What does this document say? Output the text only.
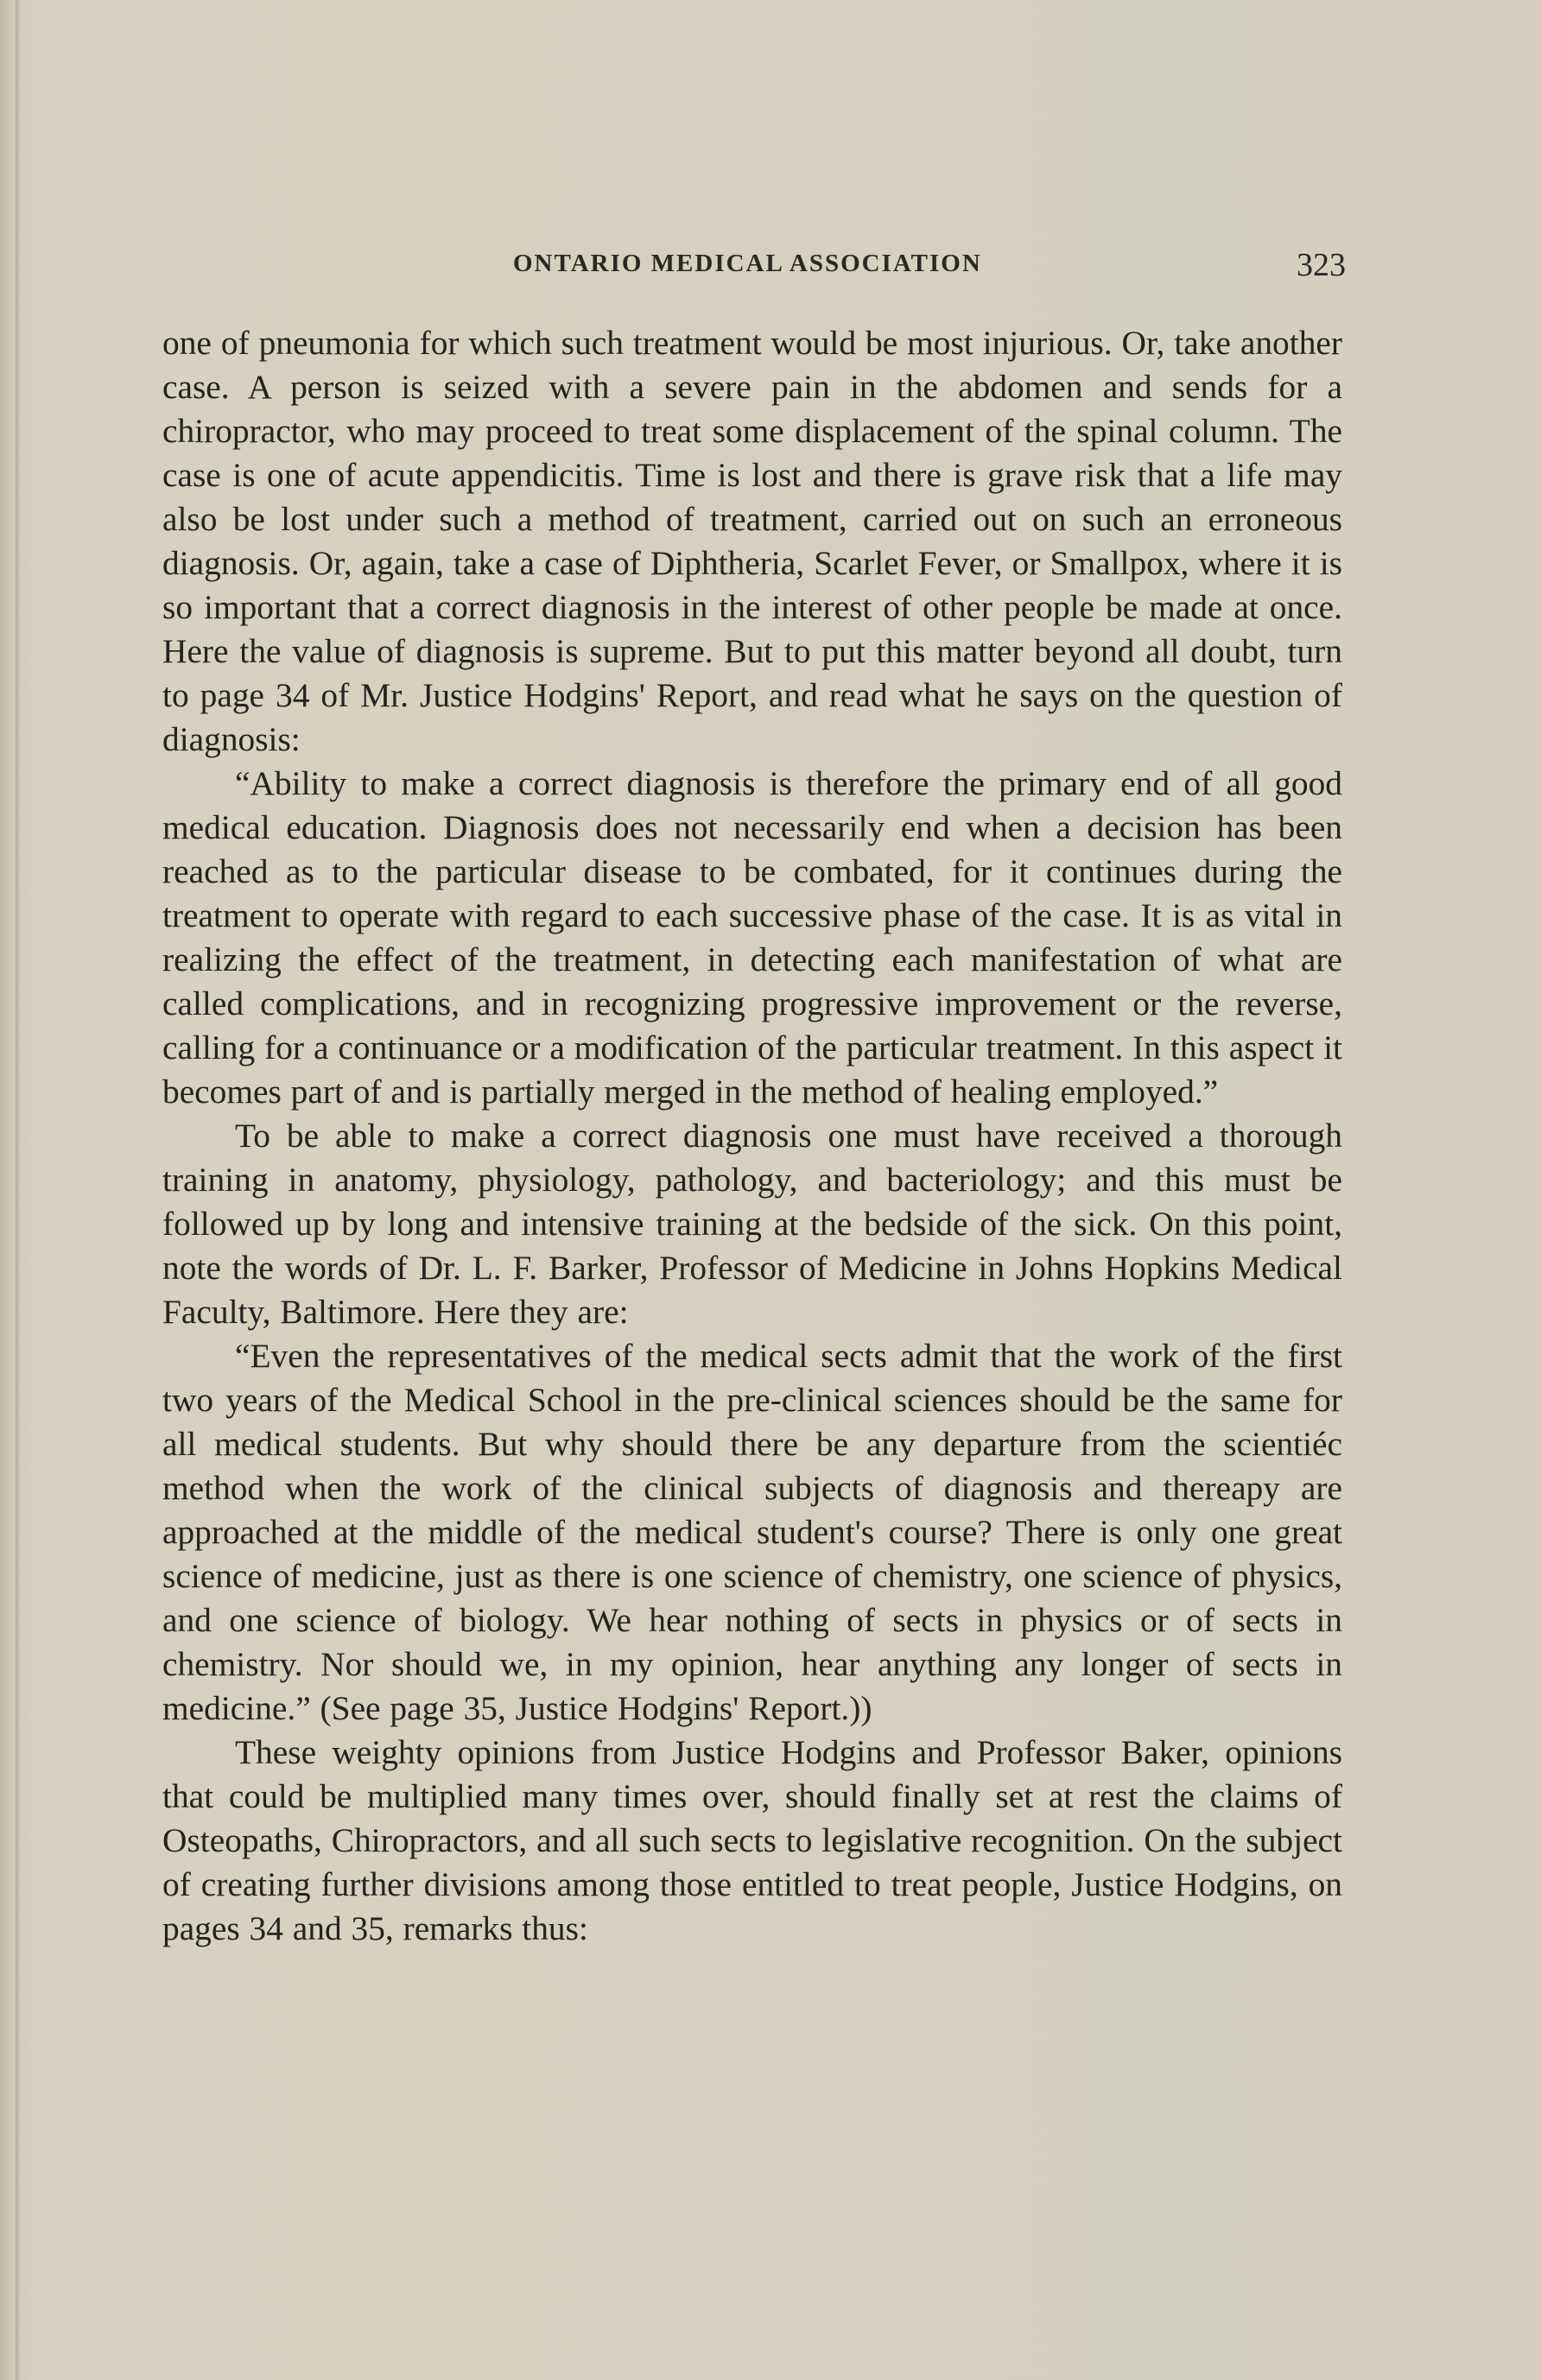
ONTARIO MEDICAL ASSOCIATION	323

one of pneumonia for which such treatment would be most injurious. Or, take another case. A person is seized with a severe pain in the abdomen and sends for a chiropractor, who may proceed to treat some displacement of the spinal column. The case is one of acute appendicitis. Time is lost and there is grave risk that a life may also be lost under such a method of treatment, carried out on such an erroneous diagnosis. Or, again, take a case of Diphtheria, Scarlet Fever, or Smallpox, where it is so important that a correct diagnosis in the interest of other people be made at once. Here the value of diagnosis is supreme. But to put this matter beyond all doubt, turn to page 34 of Mr. Justice Hodgins' Report, and read what he says on the question of diagnosis:

“Ability to make a correct diagnosis is therefore the primary end of all good medical education. Diagnosis does not necessarily end when a decision has been reached as to the particular disease to be combated, for it continues during the treatment to operate with regard to each successive phase of the case. It is as vital in realizing the effect of the treatment, in detecting each manifestation of what are called complications, and in recognizing progressive improvement or the reverse, calling for a continuance or a modification of the particular treatment. In this aspect it becomes part of and is partially merged in the method of healing employed.”

To be able to make a correct diagnosis one must have received a thorough training in anatomy, physiology, pathology, and bacteriology; and this must be followed up by long and intensive training at the bedside of the sick. On this point, note the words of Dr. L. F. Barker, Professor of Medicine in Johns Hopkins Medical Faculty, Baltimore. Here they are:

“Even the representatives of the medical sects admit that the work of the first two years of the Medical School in the pre-clinical sciences should be the same for all medical students. But why should there be any departure from the scientiéc method when the work of the clinical subjects of diagnosis and thereapy are approached at the middle of the medical student's course? There is only one great science of medicine, just as there is one science of chemistry, one science of physics, and one science of biology. We hear nothing of sects in physics or of sects in chemistry. Nor should we, in my opinion, hear anything any longer of sects in medicine.” (See page 35, Justice Hodgins' Report.))

These weighty opinions from Justice Hodgins and Professor Baker, opinions that could be multiplied many times over, should finally set at rest the claims of Osteopaths, Chiropractors, and all such sects to legislative recognition. On the subject of creating further divisions among those entitled to treat people, Justice Hodgins, on pages 34 and 35, remarks thus:
